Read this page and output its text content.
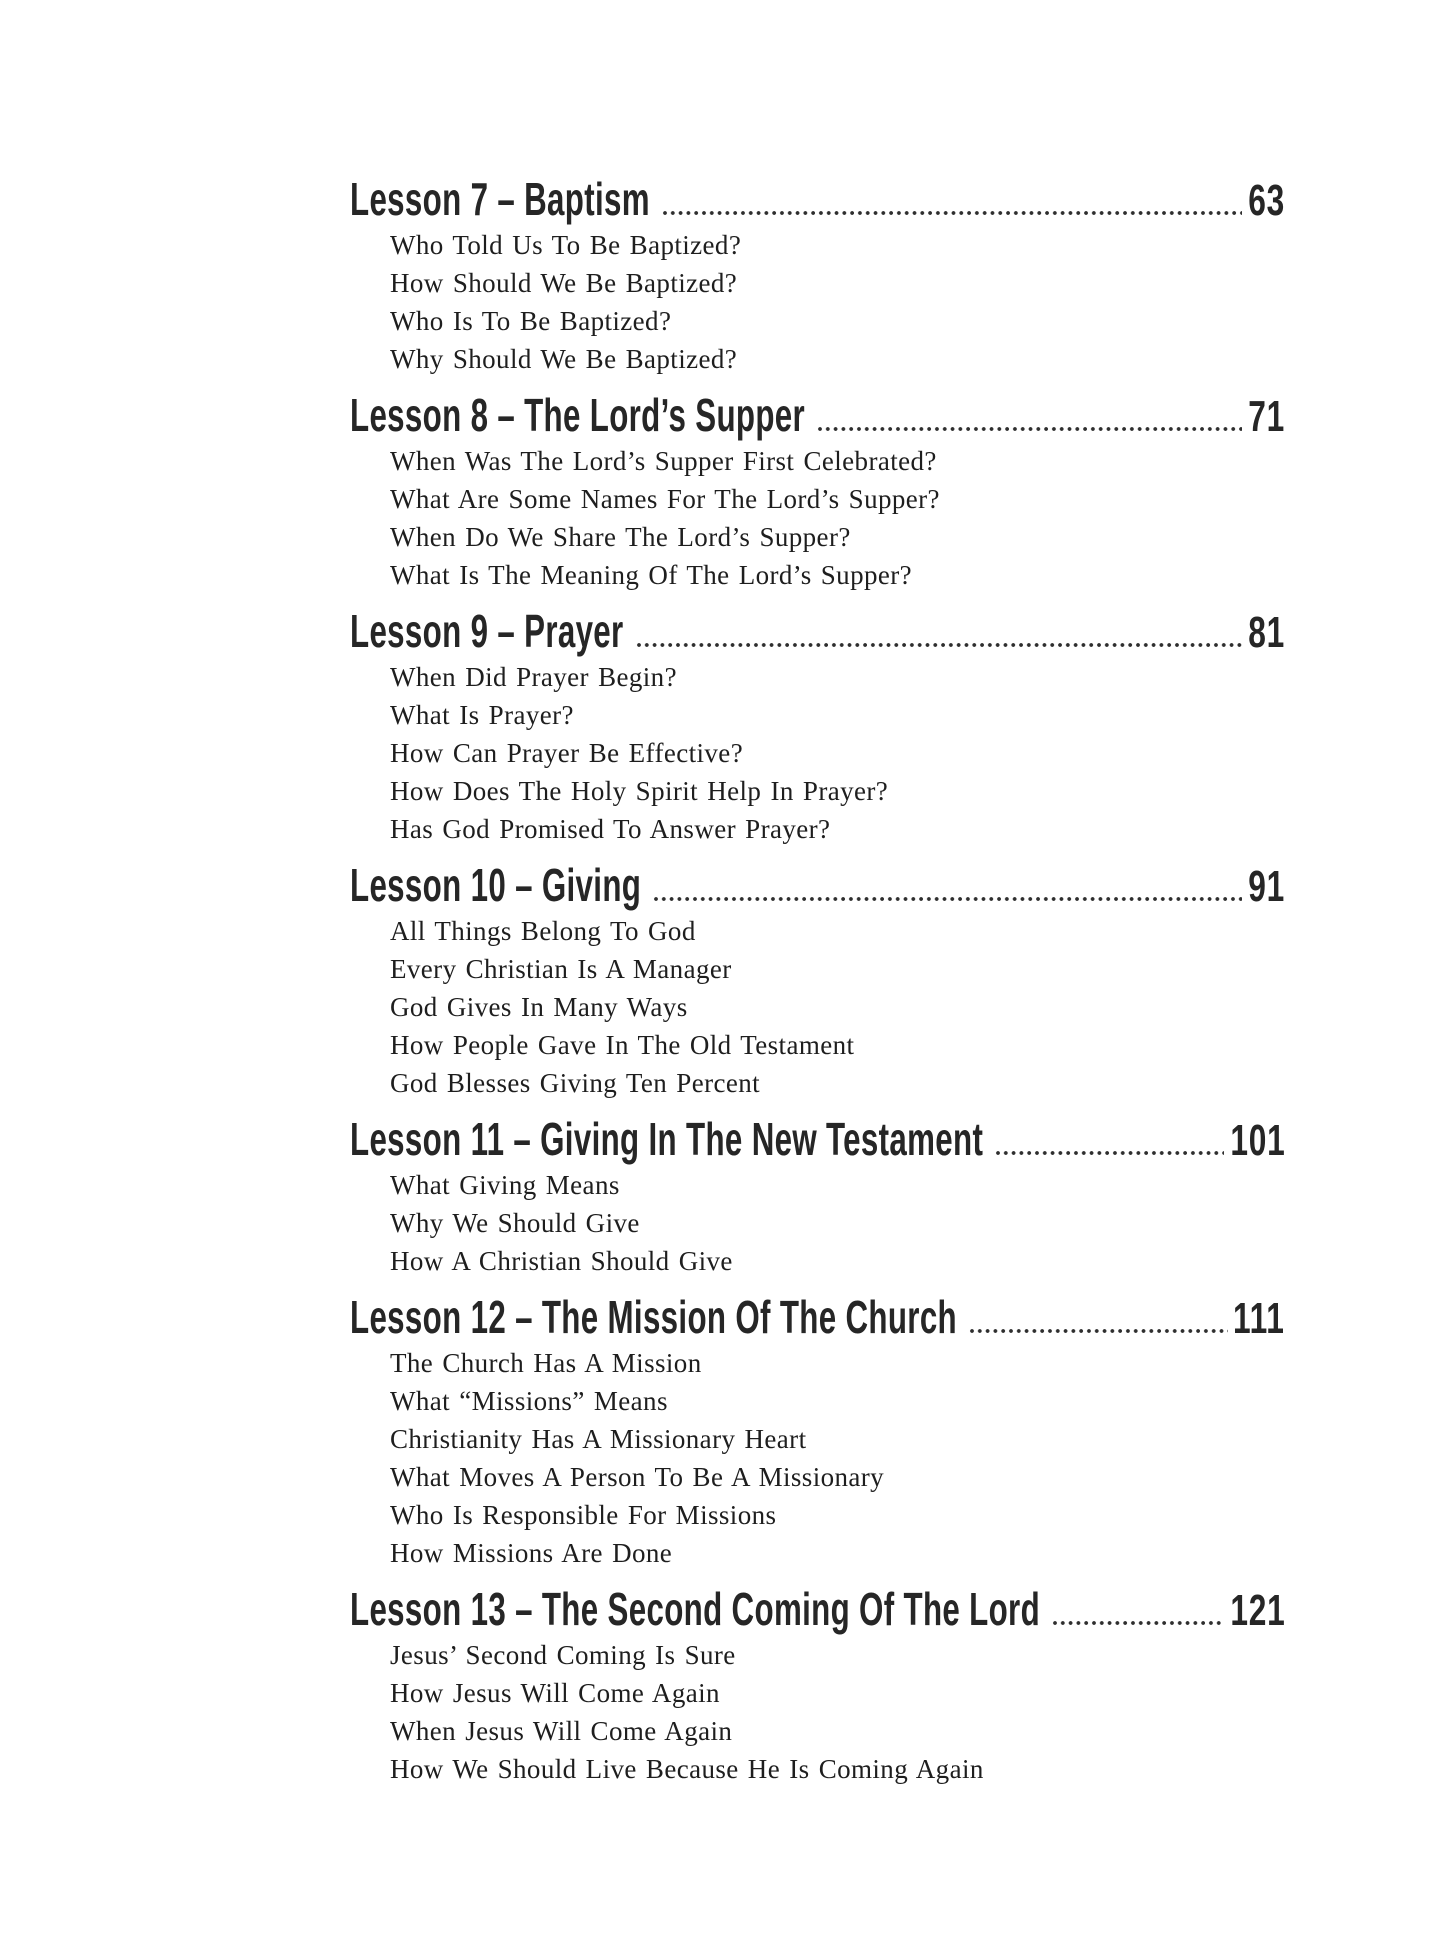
Lesson 7 – Baptism	63
Who Told Us To Be Baptized?
How Should We Be Baptized?
Who Is To Be Baptized?
Why Should We Be Baptized?
Lesson 8 – The Lord’s Supper	71
When Was The Lord’s Supper First Celebrated?
What Are Some Names For The Lord’s Supper?
When Do We Share The Lord’s Supper?
What Is The Meaning Of The Lord’s Supper?
Lesson 9 – Prayer	81
When Did Prayer Begin?
What Is Prayer?
How Can Prayer Be Effective?
How Does The Holy Spirit Help In Prayer?
Has God Promised To Answer Prayer?
Lesson 10 – Giving	91
All Things Belong To God
Every Christian Is A Manager
God Gives In Many Ways
How People Gave In The Old Testament
God Blesses Giving Ten Percent
Lesson 11 – Giving In The New Testament	101
What Giving Means
Why We Should Give
How A Christian Should Give
Lesson 12 – The Mission Of The Church	111
The Church Has A Mission
What “Missions” Means
Christianity Has A Missionary Heart
What Moves A Person To Be A Missionary
Who Is Responsible For Missions
How Missions Are Done
Lesson 13 – The Second Coming Of The Lord	121
Jesus’ Second Coming Is Sure
How Jesus Will Come Again
When Jesus Will Come Again
How We Should Live Because He Is Coming Again
